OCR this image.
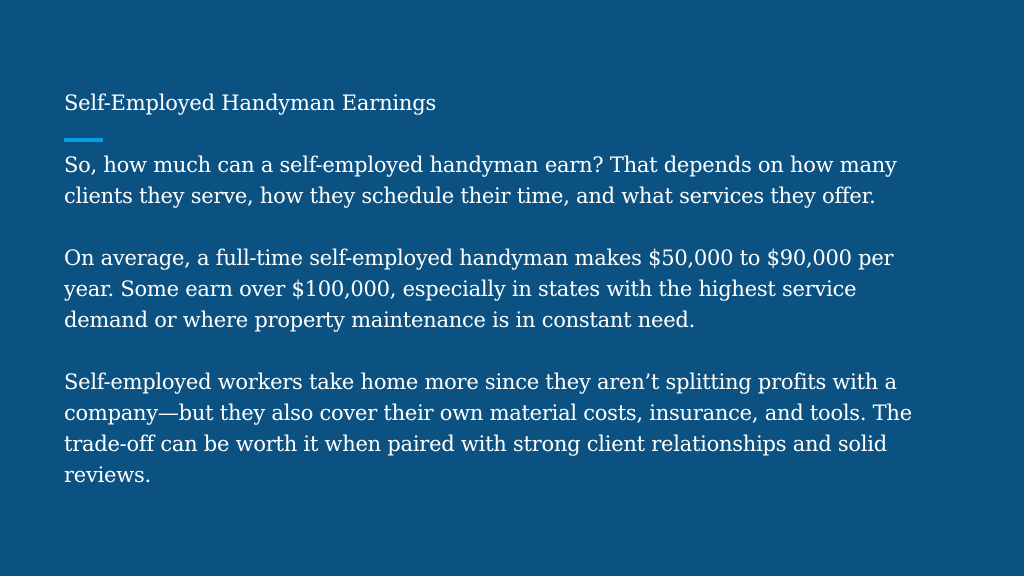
Self-Employed Handyman Earnings

So, how much can a self-employed handyman earn? That depends on how many clients they serve, how they schedule their time, and what services they offer.

On average, a full-time self-employed handyman makes $50,000 to $90,000 per year. Some earn over $100,000, especially in states with the highest service demand or where property maintenance is in constant need.

Self-employed workers take home more since they aren’t splitting profits with a company—but they also cover their own material costs, insurance, and tools. The trade-off can be worth it when paired with strong client relationships and solid reviews.
